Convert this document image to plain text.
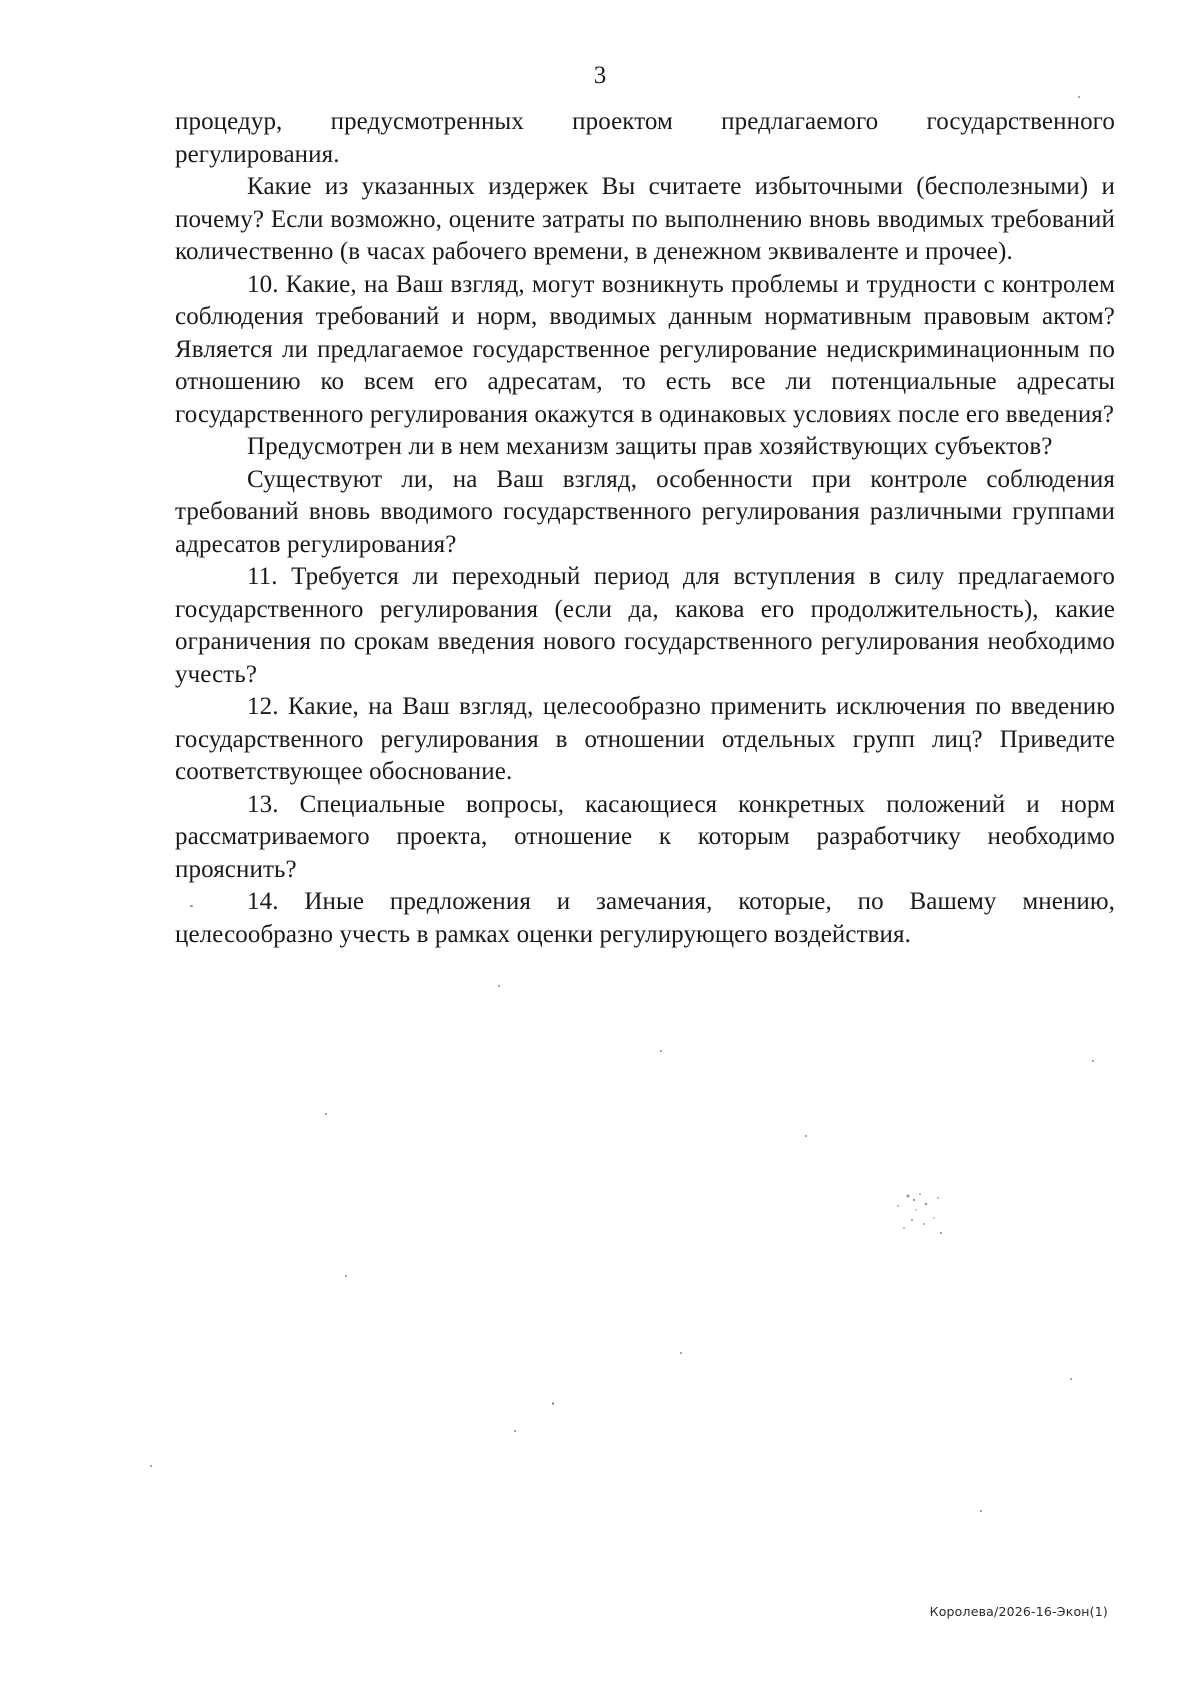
3

процедур, предусмотренных проектом предлагаемого государственного регулирования.

Какие из указанных издержек Вы считаете избыточными (бесполезными) и почему? Если возможно, оцените затраты по выполнению вновь вводимых требований количественно (в часах рабочего времени, в денежном эквиваленте и прочее).

10. Какие, на Ваш взгляд, могут возникнуть проблемы и трудности с контролем соблюдения требований и норм, вводимых данным нормативным правовым актом? Является ли предлагаемое государственное регулирование недискриминационным по отношению ко всем его адресатам, то есть все ли потенциальные адресаты государственного регулирования окажутся в одинаковых условиях после его введения?

Предусмотрен ли в нем механизм защиты прав хозяйствующих субъектов?

Существуют ли, на Ваш взгляд, особенности при контроле соблюдения требований вновь вводимого государственного регулирования различными группами адресатов регулирования?

11. Требуется ли переходный период для вступления в силу предлагаемого государственного регулирования (если да, какова его продолжительность), какие ограничения по срокам введения нового государственного регулирования необходимо учесть?

12. Какие, на Ваш взгляд, целесообразно применить исключения по введению государственного регулирования в отношении отдельных групп лиц? Приведите соответствующее обоснование.

13. Специальные вопросы, касающиеся конкретных положений и норм рассматриваемого проекта, отношение к которым разработчику необходимо прояснить?

14. Иные предложения и замечания, которые, по Вашему мнению, целесообразно учесть в рамках оценки регулирующего воздействия.

Королева/2026-16-Экон(1)
